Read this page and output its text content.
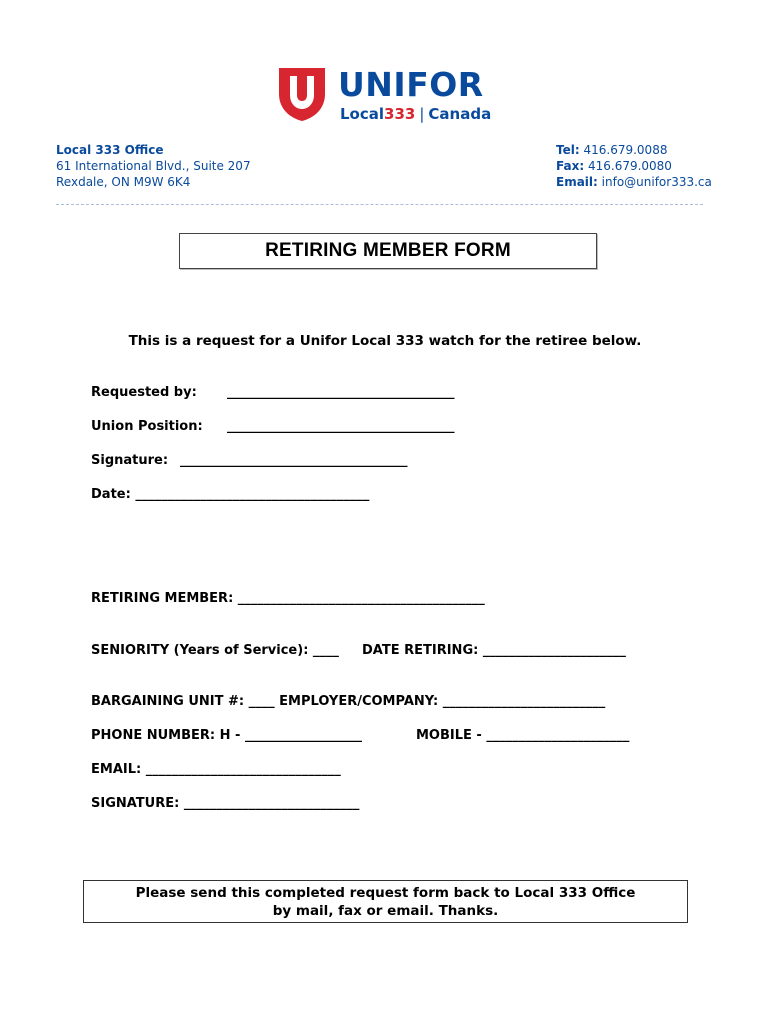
UNIFOR
Local333 | Canada
Local 333 Office
61 International Blvd., Suite 207
Rexdale, ON M9W 6K4
Tel: 416.679.0088
Fax: 416.679.0080
Email: info@unifor333.ca
RETIRING MEMBER FORM
This is a request for a Unifor Local 333 watch for the retiree below.
Requested by: ___________________________________
Union Position: ___________________________________
Signature: ___________________________________
Date: ____________________________________
RETIRING MEMBER: ______________________________________
SENIORITY (Years of Service): ____ DATE RETIRING: ______________________
BARGAINING UNIT #: ____ EMPLOYER/COMPANY: _________________________
PHONE NUMBER: H - __________________	MOBILE - ______________________
EMAIL: ______________________________
SIGNATURE: ___________________________
Please send this completed request form back to Local 333 Office
by mail, fax or email. Thanks.
